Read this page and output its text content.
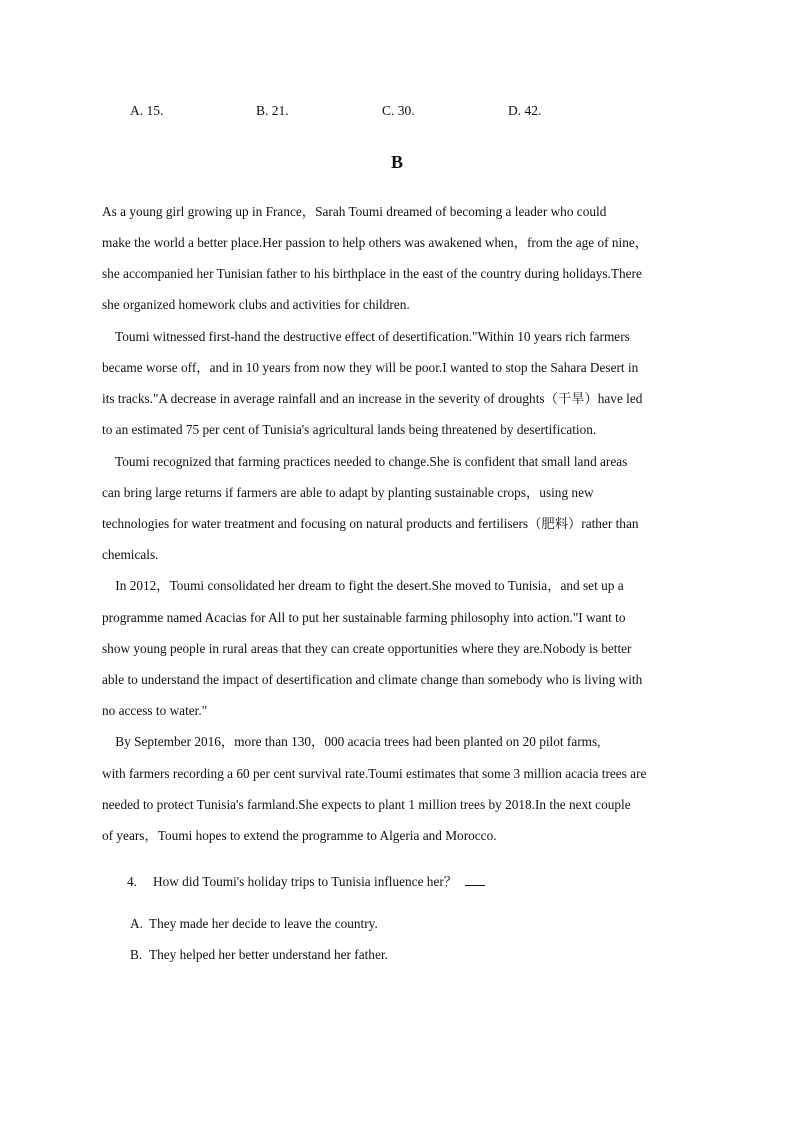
A. 15.	B. 21.	C. 30.	D. 42.
B
As a young girl growing up in France，Sarah Toumi dreamed of becoming a leader who could
make the world a better place.Her passion to help others was awakened when，from the age of nine，
she accompanied her Tunisian father to his birthplace in the east of the country during holidays.There
she organized homework clubs and activities for children.
Toumi witnessed first-hand the destructive effect of desertification."Within 10 years rich farmers
became worse off，and in 10 years from now they will be poor.I wanted to stop the Sahara Desert in
its tracks."A decrease in average rainfall and an increase in the severity of droughts（干旱）have led
to an estimated 75 per cent of Tunisia's agricultural lands being threatened by desertification.
Toumi recognized that farming practices needed to change.She is confident that small land areas
can bring large returns if farmers are able to adapt by planting sustainable crops，using new
technologies for water treatment and focusing on natural products and fertilisers（肥料）rather than
chemicals.
In 2012，Toumi consolidated her dream to fight the desert.She moved to Tunisia，and set up a
programme named Acacias for All to put her sustainable farming philosophy into action."I want to
show young people in rural areas that they can create opportunities where they are.Nobody is better
able to understand the impact of desertification and climate change than somebody who is living with
no access to water."
By September 2016，more than 130，000 acacia trees had been planted on 20 pilot farms,
with farmers recording a 60 per cent survival rate.Toumi estimates that some 3 million acacia trees are
needed to protect Tunisia's farmland.She expects to plant 1 million trees by 2018.In the next couple
of years，Toumi hopes to extend the programme to Algeria and Morocco.
4. How did Toumi's holiday trips to Tunisia influence her？
A. They made her decide to leave the country.
B. They helped her better understand her father.
